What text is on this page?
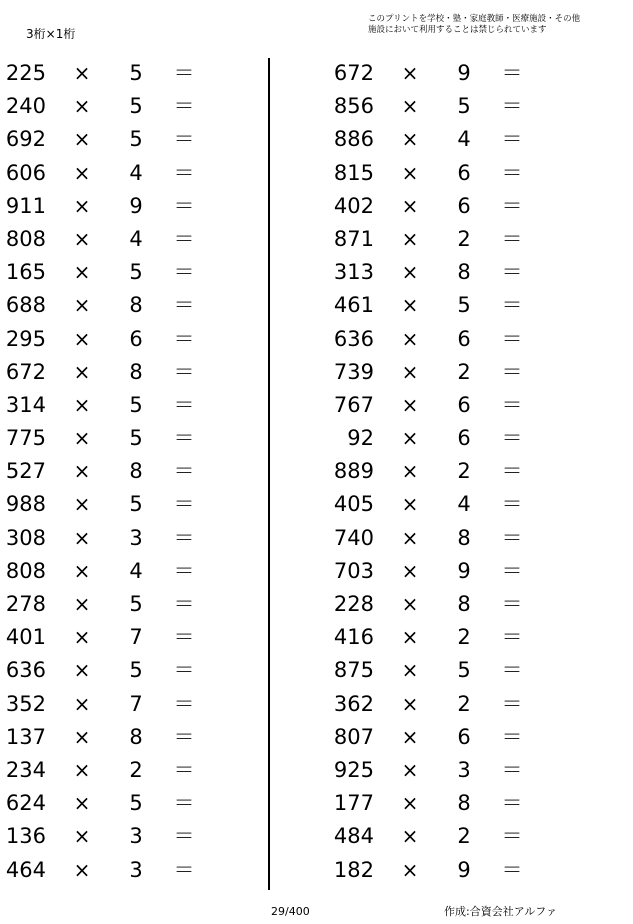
3桁×1桁
このプリントを学校・塾・家庭教師・医療施設・その他
施設において利用することは禁じられています
225 × 5 ＝
240 × 5 ＝
692 × 5 ＝
606 × 4 ＝
911 × 9 ＝
808 × 4 ＝
165 × 5 ＝
688 × 8 ＝
295 × 6 ＝
672 × 8 ＝
314 × 5 ＝
775 × 5 ＝
527 × 8 ＝
988 × 5 ＝
308 × 3 ＝
808 × 4 ＝
278 × 5 ＝
401 × 7 ＝
636 × 5 ＝
352 × 7 ＝
137 × 8 ＝
234 × 2 ＝
624 × 5 ＝
136 × 3 ＝
464 × 3 ＝
672 × 9 ＝
856 × 5 ＝
886 × 4 ＝
815 × 6 ＝
402 × 6 ＝
871 × 2 ＝
313 × 8 ＝
461 × 5 ＝
636 × 6 ＝
739 × 2 ＝
767 × 6 ＝
92 × 6 ＝
889 × 2 ＝
405 × 4 ＝
740 × 8 ＝
703 × 9 ＝
228 × 8 ＝
416 × 2 ＝
875 × 5 ＝
362 × 2 ＝
807 × 6 ＝
925 × 3 ＝
177 × 8 ＝
484 × 2 ＝
182 × 9 ＝
29/400	作成:合資会社アルファ
